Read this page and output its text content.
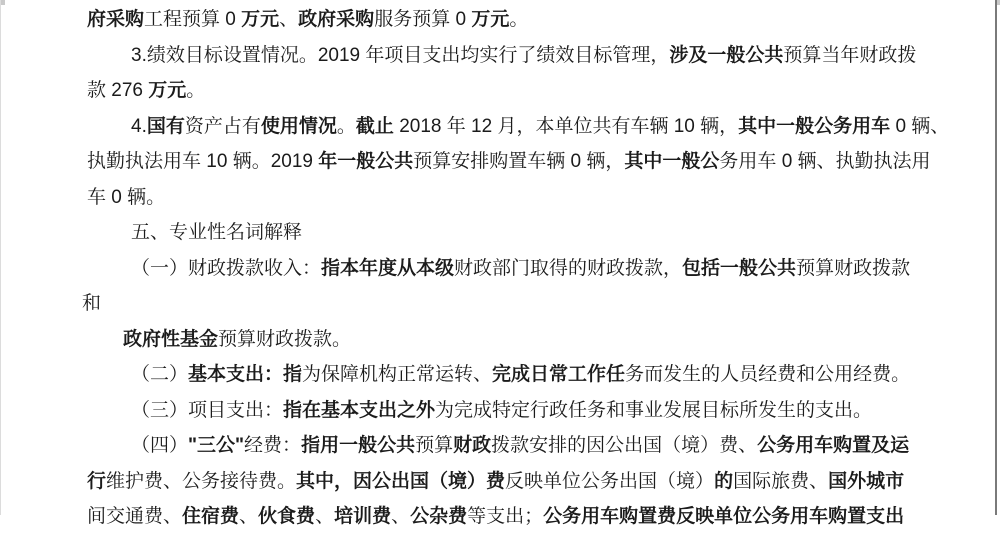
府采购工程预算 0 万元、政府采购服务预算 0 万元。
3.绩效目标设置情况。2019 年项目支出均实行了绩效目标管理，涉及一般公共预算当年财政拨
款 276 万元。
4.国有资产占有使用情况。截止 2018 年 12 月，本单位共有车辆 10 辆，其中一般公务用车 0 辆、
执勤执法用车 10 辆。2019 年一般公共预算安排购置车辆 0 辆，其中一般公务用车 0 辆、执勤执法用
车 0 辆。
五、专业性名词解释
（一）财政拨款收入：指本年度从本级财政部门取得的财政拨款，包括一般公共预算财政拨款
和
政府性基金预算财政拨款。
（二）基本支出：指为保障机构正常运转、完成日常工作任务而发生的人员经费和公用经费。
（三）项目支出：指在基本支出之外为完成特定行政任务和事业发展目标所发生的支出。
（四）"三公"经费：指用一般公共预算财政拨款安排的因公出国（境）费、公务用车购置及运
行维护费、公务接待费。其中，因公出国（境）费反映单位公务出国（境）的国际旅费、国外城市
间交通费、住宿费、伙食费、培训费、公杂费等支出；公务用车购置费反映单位公务用车购置支出
